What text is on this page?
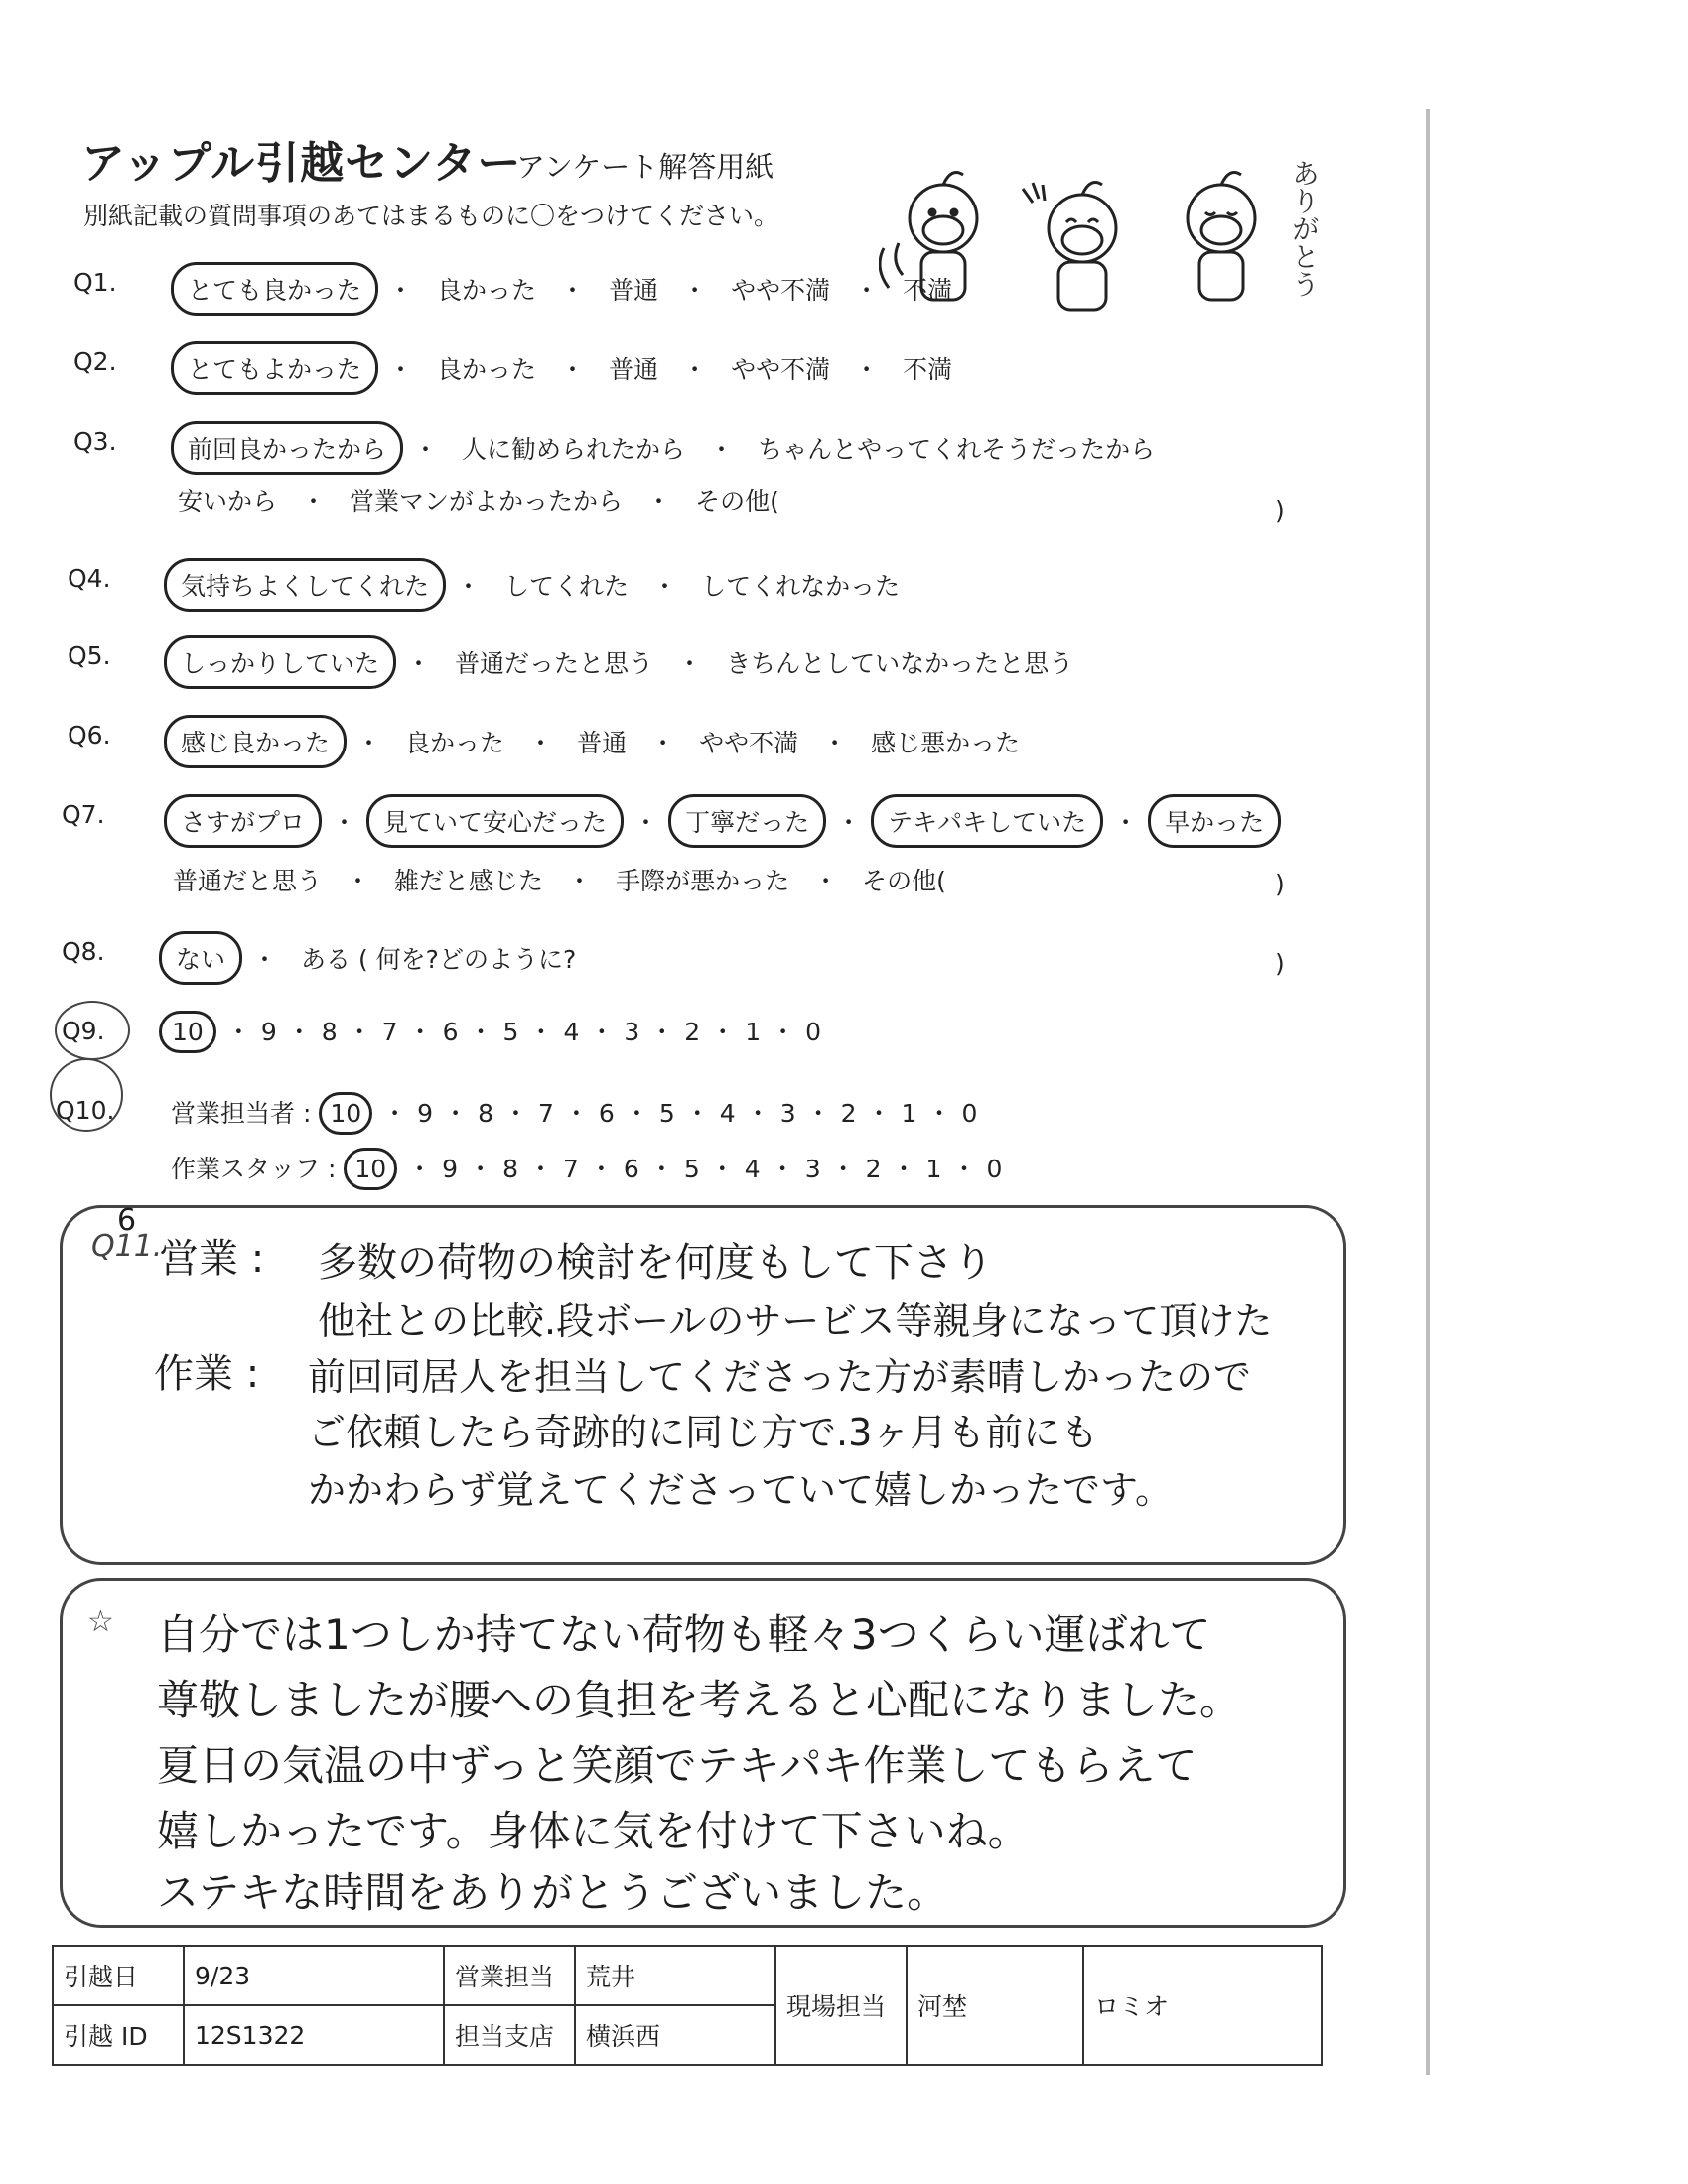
アップル引越センター
アンケート解答用紙
別紙記載の質問事項のあてはまるものに〇をつけてください。	ありがとう
Q1.	とても良かった ・ 良かった ・ 普通 ・ やや不満 ・ 不満
Q2.	とてもよかった ・ 良かった ・ 普通 ・ やや不満 ・ 不満
Q3.	前回良かったから ・ 人に勧められたから ・ ちゃんとやってくれそうだったから
安いから ・ 営業マンがよかったから ・ その他(	)
Q4.	気持ちよくしてくれた ・ してくれた ・ してくれなかった
Q5.	しっかりしていた ・ 普通だったと思う ・ きちんとしていなかったと思う
Q6.	感じ良かった ・ 良かった ・ 普通 ・ やや不満 ・ 感じ悪かった
Q7.	さすがプロ ・ 見ていて安心だった ・ 丁寧だった ・ テキパキしていた ・ 早かった
普通だと思う ・ 雑だと感じた ・ 手際が悪かった ・ その他(	)
Q8.	ない ・ ある ( 何を?どのように?	)
Q9.	10 ・ 9 ・ 8 ・ 7 ・ 6 ・ 5 ・ 4 ・ 3 ・ 2 ・ 1 ・ 0
Q10. 営業担当者 : 10 ・ 9 ・ 8 ・ 7 ・ 6 ・ 5 ・ 4 ・ 3 ・ 2 ・ 1 ・ 0
作業スタッフ : 10 ・ 9 ・ 8 ・ 7 ・ 6 ・ 5 ・ 4 ・ 3 ・ 2 ・ 1 ・ 0
Q11.
6
営業 : 多数の荷物の検討を何度もして下さり
他社との比較.段ボールのサービス等親身になって頂けた
作業 : 前回同居人を担当してくださった方が素晴しかったので
ご依頼したら奇跡的に同じ方で.3ヶ月も前にも
かかわらず覚えてくださっていて嬉しかったです。
☆ 自分では1つしか持てない荷物も軽々3つくらい運ばれて
尊敬しましたが腰への負担を考えると心配になりました。
夏日の気温の中ずっと笑顔でテキパキ作業してもらえて
嬉しかったです。身体に気を付けて下さいね。
ステキな時間をありがとうございました。
引越日	9/23	営業担当	荒井	現場担当	河埜	ロミオ
引越 ID	12S1322	担当支店	横浜西			
